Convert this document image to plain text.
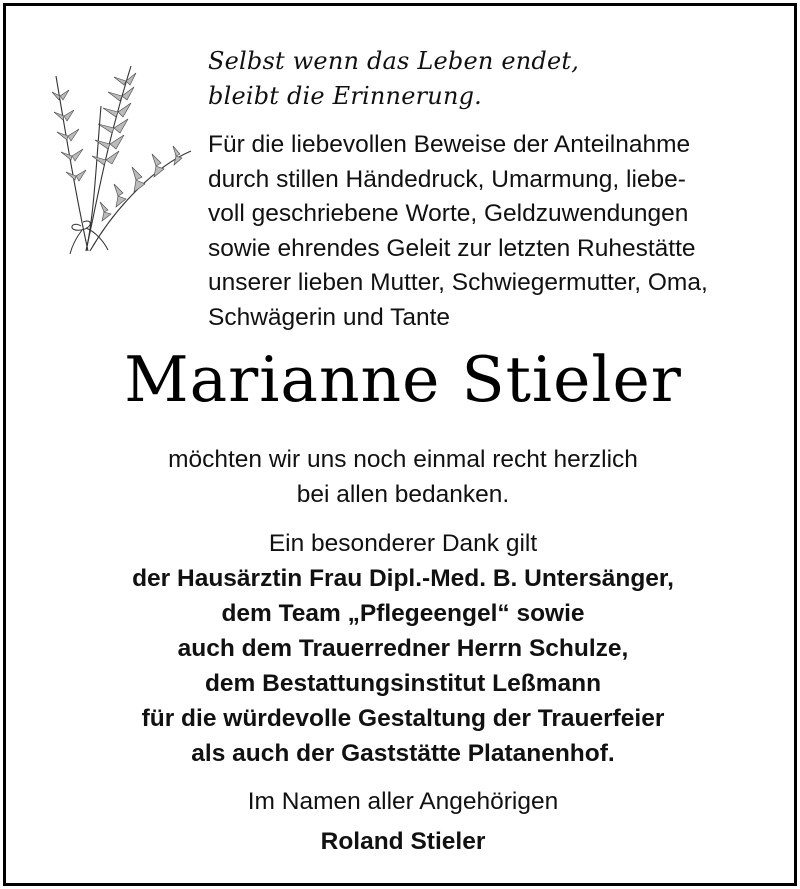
Selbst wenn das Leben endet,
bleibt die Erinnerung.
Für die liebevollen Beweise der Anteilnahme
durch stillen Händedruck, Umarmung, liebe-
voll geschriebene Worte, Geldzuwendungen
sowie ehrendes Geleit zur letzten Ruhestätte
unserer lieben Mutter, Schwiegermutter, Oma,
Schwägerin und Tante
Marianne Stieler
möchten wir uns noch einmal recht herzlich
bei allen bedanken.
Ein besonderer Dank gilt
der Hausärztin Frau Dipl.-Med. B. Untersänger,
dem Team „Pflegeengel“ sowie
auch dem Trauerredner Herrn Schulze,
dem Bestattungsinstitut Leßmann
für die würdevolle Gestaltung der Trauerfeier
als auch der Gaststätte Platanenhof.
Im Namen aller Angehörigen
Roland Stieler
